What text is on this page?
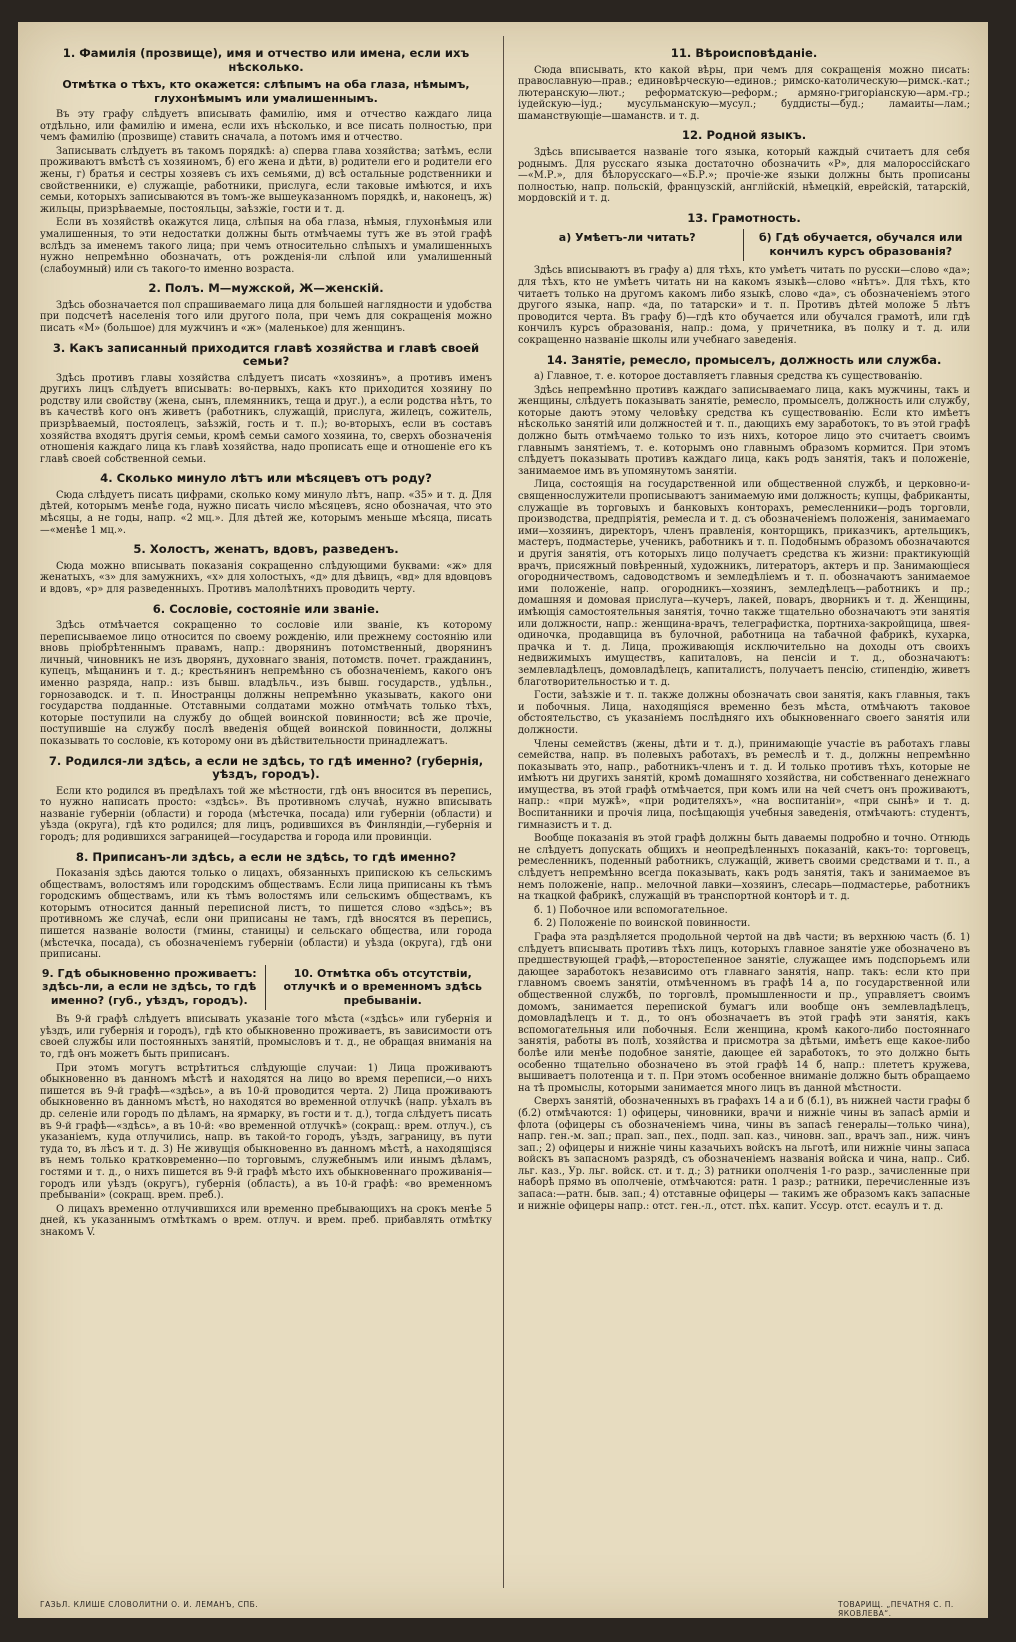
1. Фамилія (прозвище), имя и отчество или имена, если ихъ нѣсколько.
Отмѣтка о тѣхъ, кто окажется: слѣпымъ на оба глаза, нѣмымъ, глухонѣмымъ или умалишеннымъ.

Въ эту графу слѣдуетъ вписывать фамилію, имя и отчество каждаго лица отдѣльно, или фамилію и имена, если ихъ нѣсколько, и все писать полностью, при чемъ фамилію (прозвище) ставить сначала, а потомъ имя и отчество.

Записывать слѣдуетъ въ такомъ порядкѣ: а) сперва глава хозяйства; затѣмъ, если проживаютъ вмѣстѣ съ хозяиномъ, б) его жена и дѣти, в) родители его и родители его жены, г) братья и сестры хозяевъ съ ихъ семьями, д) всѣ остальные родственники и свойственники, е) служащіе, работники, прислуга, если таковые имѣются, и ихъ семьи, которыхъ записываются въ томъ-же вышеуказанномъ порядкѣ, и, наконецъ, ж) жильцы, призрѣваемые, постояльцы, заѣзжіе, гости и т. д.

Если въ хозяйствѣ окажутся лица, слѣпыя на оба глаза, нѣмыя, глухонѣмыя или умалишенныя, то эти недостатки должны быть отмѣчаемы тутъ же въ этой графѣ вслѣдъ за именемъ такого лица; при чемъ относительно слѣпыхъ и умалишенныхъ нужно непремѣнно обозначать, отъ рожденія-ли слѣпой или умалишенный (слабоумный) или съ такого-то именно возраста.

2. Полъ. М—мужской, Ж—женскій.

Здѣсь обозначается пол спрашиваемаго лица для большей наглядности и удобства при подсчетѣ населенія того или другого пола, при чемъ для сокращенія можно писать «М» (большое) для мужчинъ и «ж» (маленькое) для женщинъ.

3. Какъ записанный приходится главѣ хозяйства и главѣ своей семьи?

Здѣсь противъ главы хозяйства слѣдуетъ писать «хозяинъ», а противъ именъ другихъ лицъ слѣдуетъ вписывать: во-первыхъ, какъ кто приходится хозяину по родству или свойству (жена, сынъ, племянникъ, теща и друг.), а если родства нѣтъ, то въ качествѣ кого онъ живетъ (работникъ, служащій, прислуга, жилецъ, сожитель, призрѣваемый, постоялецъ, заѣзжій, гость и т. п.); во-вторыхъ, если въ составъ хозяйства входятъ другія семьи, кромѣ семьи самого хозяина, то, сверхъ обозначенія отношенія каждаго лица къ главѣ хозяйства, надо прописать еще и отношеніе его къ главѣ своей собственной семьи.

4. Сколько минуло лѣтъ или мѣсяцевъ отъ роду?

Сюда слѣдуетъ писать цифрами, сколько кому минуло лѣтъ, напр. «35» и т. д. Для дѣтей, которымъ менѣе года, нужно писать число мѣсяцевъ, ясно обозначая, что это мѣсяцы, а не годы, напр. «2 мц.». Для дѣтей же, которымъ меньше мѣсяца, писать—«менѣе 1 мц.».

5. Холостъ, женатъ, вдовъ, разведенъ.

Сюда можно вписывать показанія сокращенно слѣдующими буквами: «ж» для женатыхъ, «з» для замужнихъ, «х» для холостыхъ, «д» для дѣвицъ, «вд» для вдовцовъ и вдовъ, «р» для разведенныхъ. Противъ малолѣтнихъ проводить черту.

6. Сословіе, состояніе или званіе.

Здѣсь отмѣчается сокращенно то сословіе или званіе, къ которому переписываемое лицо относится по своему рожденію, или прежнему состоянію или вновь пріобрѣтеннымъ правамъ, напр.: дворянинъ потомственный, дворянинъ личный, чиновникъ не изъ дворянъ, духовнаго званія, потомств. почет. гражданинъ, купецъ, мѣщанинъ и т. д.; крестьянинъ непремѣнно съ обозначеніемъ, какого онъ именно разряда, напр.: изъ бывш. владѣльч., изъ бывш. государств., удѣльн., горнозаводск. и т. п. Иностранцы должны непремѣнно указывать, какого они государства подданные. Отставными солдатами можно отмѣчать только тѣхъ, которые поступили на службу до общей воинской повинности; всѣ же прочіе, поступившіе на службу послѣ введенія общей воинской повинности, должны показывать то сословіе, къ которому они въ дѣйствительности принадлежатъ.

7. Родился-ли здѣсь, а если не здѣсь, то гдѣ именно? (губернія, уѣздъ, городъ).

Если кто родился въ предѣлахъ той же мѣстности, гдѣ онъ вносится въ перепись, то нужно написать просто: «здѣсь». Въ противномъ случаѣ, нужно вписывать названіе губерніи (области) и города (мѣстечка, посада) или губерніи (области) и уѣзда (округа), гдѣ кто родился; для лицъ, родившихся въ Финляндіи,—губернія и городъ; для родившихся заграницей—государства и города или провинціи.

8. Приписанъ-ли здѣсь, а если не здѣсь, то гдѣ именно?

Показанія здѣсь даются только о лицахъ, обязанныхъ припискою къ сельскимъ обществамъ, волостямъ или городскимъ обществамъ. Если лица приписаны къ тѣмъ городскимъ обществамъ, или къ тѣмъ волостямъ или сельскимъ обществамъ, къ которымъ относится данный переписной листъ, то пишется слово «здѣсь»; въ противномъ же случаѣ, если они приписаны не тамъ, гдѣ вносятся въ перепись, пишется названіе волости (гмины, станицы) и сельскаго общества, или города (мѣстечка, посада), съ обозначеніемъ губерніи (области) и уѣзда (округа), гдѣ они приписаны.

9. Гдѣ обыкновенно проживаетъ: здѣсь-ли, а если не здѣсь, то гдѣ именно? (губ., уѣздъ, городъ).
10. Отмѣтка объ отсутствіи, отлучкѣ и о временномъ здѣсь пребываніи.

Въ 9-й графѣ слѣдуетъ вписывать указаніе того мѣста («здѣсь» или губернія и уѣздъ, или губернія и городъ), гдѣ кто обыкновенно проживаетъ, въ зависимости отъ своей службы или постоянныхъ занятій, промысловъ и т. д., не обращая вниманія на то, гдѣ онъ можетъ быть приписанъ.

При этомъ могутъ встрѣтиться слѣдующіе случаи: 1) Лица проживаютъ обыкновенно въ данномъ мѣстѣ и находятся на лицо во время переписи,—о нихъ пишется въ 9-й графѣ—«здѣсь», а въ 10-й проводится черта. 2) Лица проживаютъ обыкновенно въ данномъ мѣстѣ, но находятся во временной отлучкѣ (напр. уѣхалъ въ др. селеніе или городъ по дѣламъ, на ярмарку, въ гости и т. д.), тогда слѣдуетъ писать въ 9-й графѣ—«здѣсь», а въ 10-й: «во временной отлучкѣ» (сокращ.: врем. отлуч.), съ указаніемъ, куда отлучились, напр. въ такой-то городъ, уѣздъ, заграницу, въ пути туда то, въ лѣсъ и т. д. 3) Не живущія обыкновенно въ данномъ мѣстѣ, а находящіяся въ немъ только кратковременно—по торговымъ, служебнымъ или инымъ дѣламъ, гостями и т. д., о нихъ пишется въ 9-й графѣ мѣсто ихъ обыкновеннаго проживанія—городъ или уѣздъ (округъ), губернія (область), а въ 10-й графѣ: «во временномъ пребываніи» (сокращ. врем. преб.).

О лицахъ временно отлучившихся или временно пребывающихъ на срокъ менѣе 5 дней, къ указаннымъ отмѣткамъ о врем. отлуч. и врем. преб. прибавлять отмѣтку знакомъ V.

11. Вѣроисповѣданіе.

Сюда вписывать, кто какой вѣры, при чемъ для сокращенія можно писать: православную—прав.; единовѣрческую—единов.; римско-католическую—римск.-кат.; лютеранскую—лют.; реформатскую—реформ.; армяно-григоріанскую—арм.-гр.; іудейскую—іуд.; мусульманскую—мусул.; буддисты—буд.; ламаиты—лам.; шаманствующіе—шаманств. и т. д.

12. Родной языкъ.

Здѣсь вписывается названіе того языка, который каждый считаетъ для себя роднымъ. Для русскаго языка достаточно обозначить «Р», для малороссійскаго—«М.Р.», для бѣлорусскаго—«Б.Р.»; прочіе-же языки должны быть прописаны полностью, напр. польскій, французскій, англійскій, нѣмецкій, еврейскій, татарскій, мордовскій и т. д.

13. Грамотность.
а) Умѣетъ-ли читать?	б) Гдѣ обучается, обучался или кончилъ курсъ образованія?

Здѣсь вписываютъ въ графу а) для тѣхъ, кто умѣетъ читать по русски—слово «да»; для тѣхъ, кто не умѣетъ читать ни на какомъ языкѣ—слово «нѣтъ». Для тѣхъ, кто читаетъ только на другомъ какомъ либо языкѣ, слово «да», съ обозначеніемъ этого другого языка, напр. «да, по татарски» и т. п. Противъ дѣтей моложе 5 лѣтъ проводится черта. Въ графу б)—гдѣ кто обучается или обучался грамотѣ, или гдѣ кончилъ курсъ образованія, напр.: дома, у причетника, въ полку и т. д. или сокращенно названіе школы или учебнаго заведенія.

14. Занятіе, ремесло, промыселъ, должность или служба.

а) Главное, т. е. которое доставляетъ главныя средства къ существованію.

Здѣсь непремѣнно противъ каждаго записываемаго лица, какъ мужчины, такъ и женщины, слѣдуетъ показывать занятіе, ремесло, промыселъ, должность или службу, которые даютъ этому человѣку средства къ существованію. Если кто имѣетъ нѣсколько занятій или должностей и т. п., дающихъ ему заработокъ, то въ этой графѣ должно быть отмѣчаемо только то изъ нихъ, которое лицо это считаетъ своимъ главнымъ занятіемъ, т. е. которымъ оно главнымъ образомъ кормится. При этомъ слѣдуетъ показывать противъ каждаго лица, какъ родъ занятія, такъ и положеніе, занимаемое имъ въ упомянутомъ занятіи.

Лица, состоящія на государственной или общественной службѣ, и церковно-и-священнослужители прописываютъ занимаемую ими должность; купцы, фабриканты, служащіе въ торговыхъ и банковыхъ конторахъ, ремесленники—родъ торговли, производства, предпріятія, ремесла и т. д. съ обозначеніемъ положенія, занимаемаго ими—хозяинъ, директоръ, членъ правленія, конторщикъ, приказчикъ, артельщикъ, мастеръ, подмастерье, ученикъ, работникъ и т. п. Подобнымъ образомъ обозначаются и другія занятія, отъ которыхъ лицо получаетъ средства къ жизни: практикующій врачъ, присяжный повѣренный, художникъ, литераторъ, актеръ и пр. Занимающіеся огородничествомъ, садоводствомъ и земледѣліемъ и т. п. обозначаютъ занимаемое ими положеніе, напр. огородникъ—хозяинъ, земледѣлецъ—работникъ и пр.; домашняя и домовая прислуга—кучеръ, лакей, поваръ, дворникъ и т. д. Женщины, имѣющія самостоятельныя занятія, точно также тщательно обозначаютъ эти занятія или должности, напр.: женщина-врачъ, телеграфистка, портниха-закройщица, швея-одиночка, продавщица въ булочной, работница на табачной фабрикѣ, кухарка, прачка и т. д. Лица, проживающія исключительно на доходы отъ своихъ недвижимыхъ имуществъ, капиталовъ, на пенсіи и т. д., обозначаютъ: землевладѣлецъ, домовладѣлецъ, капиталистъ, получаетъ пенсію, стипендію, живетъ благотворительностью и т. д.

Гости, заѣзжіе и т. п. также должны обозначать свои занятія, какъ главныя, такъ и побочныя. Лица, находящіяся временно безъ мѣста, отмѣчаютъ таковое обстоятельство, съ указаніемъ послѣдняго ихъ обыкновеннаго своего занятія или должности.

Члены семействъ (жены, дѣти и т. д.), принимающіе участіе въ работахъ главы семейства, напр. въ полевыхъ работахъ, въ ремеслѣ и т. д., должны непремѣнно показывать это, напр., работникъ-членъ и т. д. И только противъ тѣхъ, которые не имѣютъ ни другихъ занятій, кромѣ домашняго хозяйства, ни собственнаго денежнаго имущества, въ этой графѣ отмѣчается, при комъ или на чей счетъ онъ проживаютъ, напр.: «при мужѣ», «при родителяхъ», «на воспитаніи», «при сынѣ» и т. д. Воспитанники и прочія лица, посѣщающія учебныя заведенія, отмѣчаютъ: студентъ, гимназистъ и т. д.

Вообще показанія въ этой графѣ должны быть даваемы подробно и точно. Отнюдь не слѣдуетъ допускать общихъ и неопредѣленныхъ показаній, какъ-то: торговецъ, ремесленникъ, поденный работникъ, служащій, живетъ своими средствами и т. п., а слѣдуетъ непремѣнно всегда показывать, какъ родъ занятія, такъ и занимаемое въ немъ положеніе, напр.. мелочной лавки—хозяинъ, слесарь—подмастерье, работникъ на ткацкой фабрикѣ, служащій въ транспортной конторѣ и т. д.

б. 1) Побочное или вспомогательное.

б. 2) Положеніе по воинской повинности.

Графа эта раздѣляется продольной чертой на двѣ части; въ верхнюю часть (б. 1) слѣдуетъ вписывать противъ тѣхъ лицъ, которыхъ главное занятіе уже обозначено въ предшествующей графѣ,—второстепенное занятіе, служащее имъ подспорьемъ или дающее заработокъ независимо отъ главнаго занятія, напр. такъ: если кто при главномъ своемъ занятіи, отмѣченномъ въ графѣ 14 а, по государственной или общественной службѣ, по торговлѣ, промышленности и пр., управляетъ своимъ домомъ, занимается перепиской бумагъ или вообще онъ землевладѣлецъ, домовладѣлецъ и т. д., то онъ обозначаетъ въ этой графѣ эти занятія, какъ вспомогательныя или побочныя. Если женщина, кромѣ какого-либо постояннаго занятія, работы въ полѣ, хозяйства и присмотра за дѣтьми, имѣетъ еще какое-либо болѣе или менѣе подобное занятіе, дающее ей заработокъ, то это должно быть особенно тщательно обозначено въ этой графѣ 14 б, напр.: плететъ кружева, вышиваетъ полотенца и т. п. При этомъ особенное вниманіе должно быть обращаемо на тѣ промыслы, которыми занимается много лицъ въ данной мѣстности.

Сверхъ занятій, обозначенныхъ въ графахъ 14 а и б (б.1), въ нижней части графы б (б.2) отмѣчаются: 1) офицеры, чиновники, врачи и нижніе чины въ запасѣ арміи и флота (офицеры съ обозначеніемъ чина, чины въ запасѣ генералы—только чина), напр. ген.-м. зап.; прап. зап., пех., подп. зап. каз., чиновн. зап., врачъ зап., ниж. чинъ зап.; 2) офицеры и нижніе чины казачьихъ войскъ на льготѣ, или нижніе чины запаса войскъ въ запасномъ разрядѣ, съ обозначеніемъ названія войска и чина, напр.. Сиб. льг. каз., Ур. льг. войск. ст. и т. д.; 3) ратники ополченія 1-го разр., зачисленные при наборѣ прямо въ ополченіе, отмѣчаются: ратн. 1 разр.; ратники, перечисленные изъ запаса:—ратн. быв. зап.; 4) отставные офицеры — такимъ же образомъ какъ запасные и нижніе офицеры напр.: отст. ген.-л., отст. пѣх. капит. Уссур. отст. есаулъ и т. д.

ГАЗЬЛ. КЛИШЕ СЛОВОЛИТНИ О. И. ЛЕМАНЪ, СПБ.	ТОВАРИЩ. „ПЕЧАТНЯ С. П. ЯКОВЛЕВА“.
